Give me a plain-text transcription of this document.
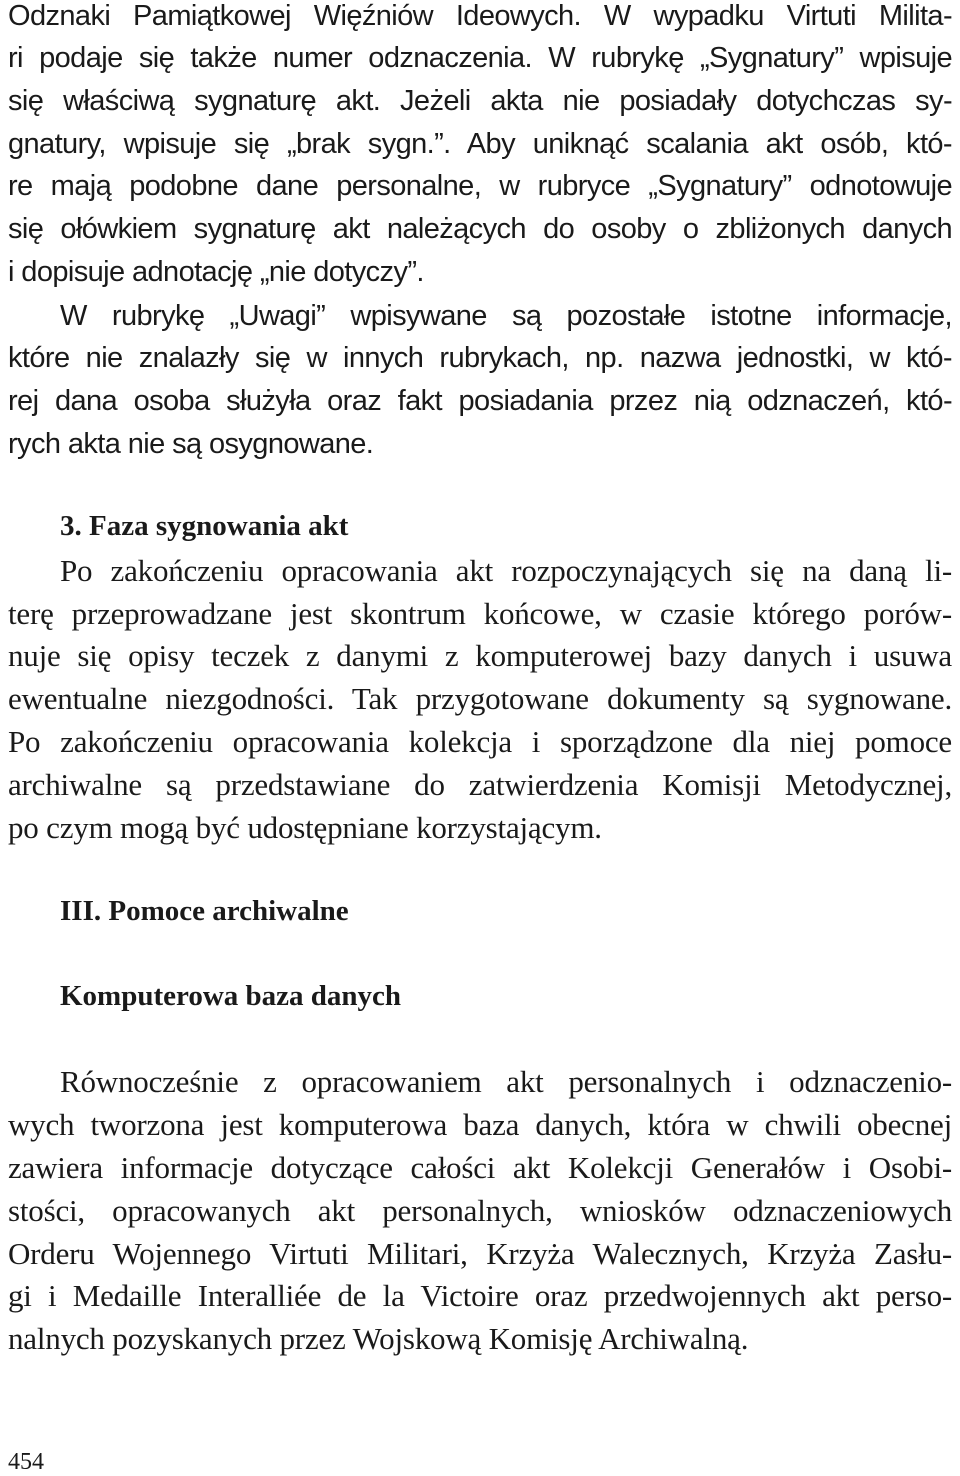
Odznaki Pamiątkowej Więźniów Ideowych. W wypadku Virtuti Milita-

ri podaje się także numer odznaczenia. W rubrykę „Sygnatury” wpisuje

się właściwą sygnaturę akt. Jeżeli akta nie posiadały dotychczas sy-

gnatury, wpisuje się „brak sygn.”. Aby uniknąć scalania akt osób, któ-

re mają podobne dane personalne, w rubryce „Sygnatury” odnotowuje

się ołówkiem sygnaturę akt należących do osoby o zbliżonych danych

i dopisuje adnotację „nie dotyczy”.

W rubrykę „Uwagi” wpisywane są pozostałe istotne informacje,

które nie znalazły się w innych rubrykach, np. nazwa jednostki, w któ-

rej dana osoba służyła oraz fakt posiadania przez nią odznaczeń, któ-

rych akta nie są osygnowane.

3. Faza sygnowania akt

Po zakończeniu opracowania akt rozpoczynających się na daną li-

terę przeprowadzane jest skontrum końcowe, w czasie którego porów-

nuje się opisy teczek z danymi z komputerowej bazy danych i usuwa

ewentualne niezgodności. Tak przygotowane dokumenty są sygnowane.

Po zakończeniu opracowania kolekcja i sporządzone dla niej pomoce

archiwalne są przedstawiane do zatwierdzenia Komisji Metodycznej,

po czym mogą być udostępniane korzystającym.

III. Pomoce archiwalne
Komputerowa baza danych

Równocześnie z opracowaniem akt personalnych i odznaczenio-

wych tworzona jest komputerowa baza danych, która w chwili obecnej

zawiera informacje dotyczące całości akt Kolekcji Generałów i Osobi-

stości, opracowanych akt personalnych, wniosków odznaczeniowych

Orderu Wojennego Virtuti Militari, Krzyża Walecznych, Krzyża Zasłu-

gi i Medaille Interalliée de la Victoire oraz przedwojennych akt perso-

nalnych pozyskanych przez Wojskową Komisję Archiwalną.

454
